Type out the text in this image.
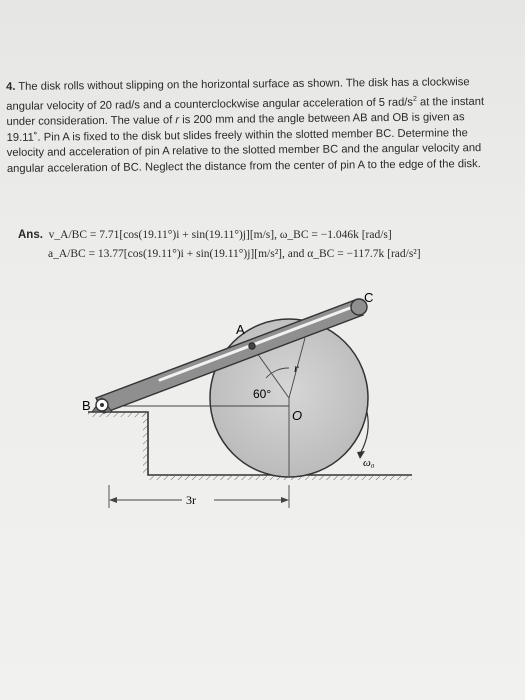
4. The disk rolls without slipping on the horizontal surface as shown. The disk has a clockwise angular velocity of 20 rad/s and a counterclockwise angular acceleration of 5 rad/$s^2$ at the instant under consideration. The value of r is 200 mm and the angle between AB and OB is given as 19.11˚. Pin A is fixed to the disk but slides freely within the slotted member BC. Determine the velocity and acceleration of pin A relative to the slotted member BC and the angular velocity and angular acceleration of BC. Neglect the distance from the center of pin A to the edge of the disk.

Ans. v_A/BC = 7.71[cos(19.11°)i + sin(19.11°)j][m/s], ω_BC = −1.046k [rad/s]
a_A/BC = 13.77[cos(19.11°)i + sin(19.11°)j][m/s²], and α_BC = −117.7k [rad/s²]
A
B
C
O
r
60°
ω₀
3r
